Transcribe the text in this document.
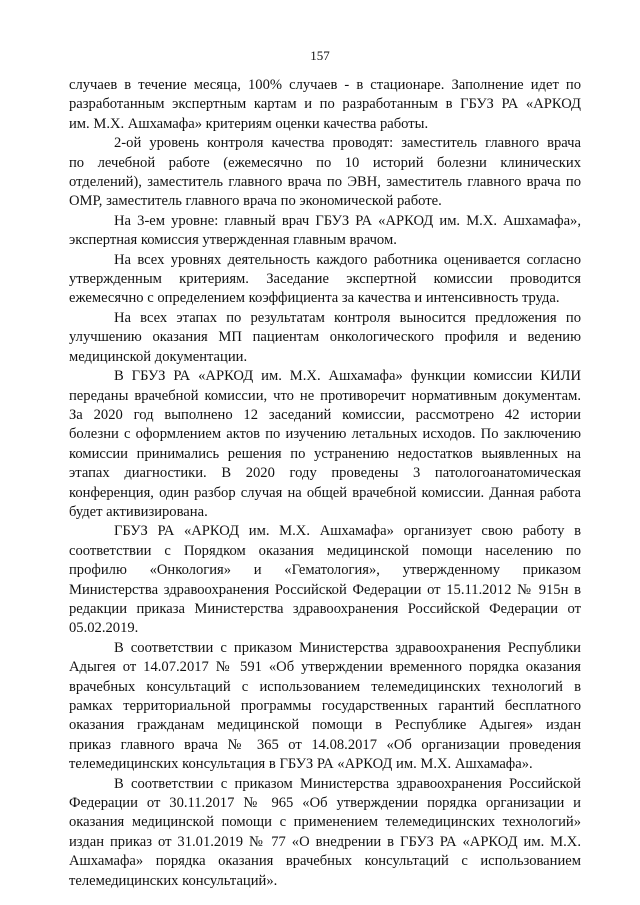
157
случаев в течение месяца, 100% случаев - в стационаре. Заполнение идет по
разработанным экспертным картам и по разработанным в ГБУЗ РА «АРКОД
им. М.Х. Ашхамафа» критериям оценки качества работы.
2-ой уровень контроля качества проводят: заместитель главного врача
по лечебной работе (ежемесячно по 10 историй болезни клинических
отделений), заместитель главного врача по ЭВН, заместитель главного врача по
ОМР, заместитель главного врача по экономической работе.
На 3-ем уровне: главный врач ГБУЗ РА «АРКОД им. М.Х. Ашхамафа»,
экспертная комиссия утвержденная главным врачом.
На всех уровнях деятельность каждого работника оценивается согласно
утвержденным критериям. Заседание экспертной комиссии проводится
ежемесячно с определением коэффициента за качества и интенсивность труда.
На всех этапах по результатам контроля выносится предложения по
улучшению оказания МП пациентам онкологического профиля и ведению
медицинской документации.
В ГБУЗ РА «АРКОД им. М.Х. Ашхамафа» функции комиссии КИЛИ
переданы врачебной комиссии, что не противоречит нормативным документам.
За 2020 год выполнено 12 заседаний комиссии, рассмотрено 42 истории
болезни с оформлением актов по изучению летальных исходов. По заключению
комиссии принимались решения по устранению недостатков выявленных на
этапах диагностики. В 2020 году проведены 3 патологоанатомическая
конференция, один разбор случая на общей врачебной комиссии. Данная работа
будет активизирована.
ГБУЗ РА «АРКОД им. М.Х. Ашхамафа» организует свою работу в
соответствии с Порядком оказания медицинской помощи населению по
профилю «Онкология» и «Гематология», утвержденному приказом
Министерства здравоохранения Российской Федерации от 15.11.2012 № 915н в
редакции приказа Министерства здравоохранения Российской Федерации от
05.02.2019.
В соответствии с приказом Министерства здравоохранения Республики
Адыгея от 14.07.2017 № 591 «Об утверждении временного порядка оказания
врачебных консультаций с использованием телемедицинских технологий в
рамках территориальной программы государственных гарантий бесплатного
оказания гражданам медицинской помощи в Республике Адыгея» издан
приказ главного врача № 365 от 14.08.2017 «Об организации проведения
телемедицинских консультация в ГБУЗ РА «АРКОД им. М.Х. Ашхамафа».
В соответствии с приказом Министерства здравоохранения Российской
Федерации от 30.11.2017 № 965 «Об утверждении порядка организации и
оказания медицинской помощи с применением телемедицинских технологий»
издан приказ от 31.01.2019 № 77 «О внедрении в ГБУЗ РА «АРКОД им. М.Х.
Ашхамафа» порядка оказания врачебных консультаций с использованием
телемедицинских консультаций».
